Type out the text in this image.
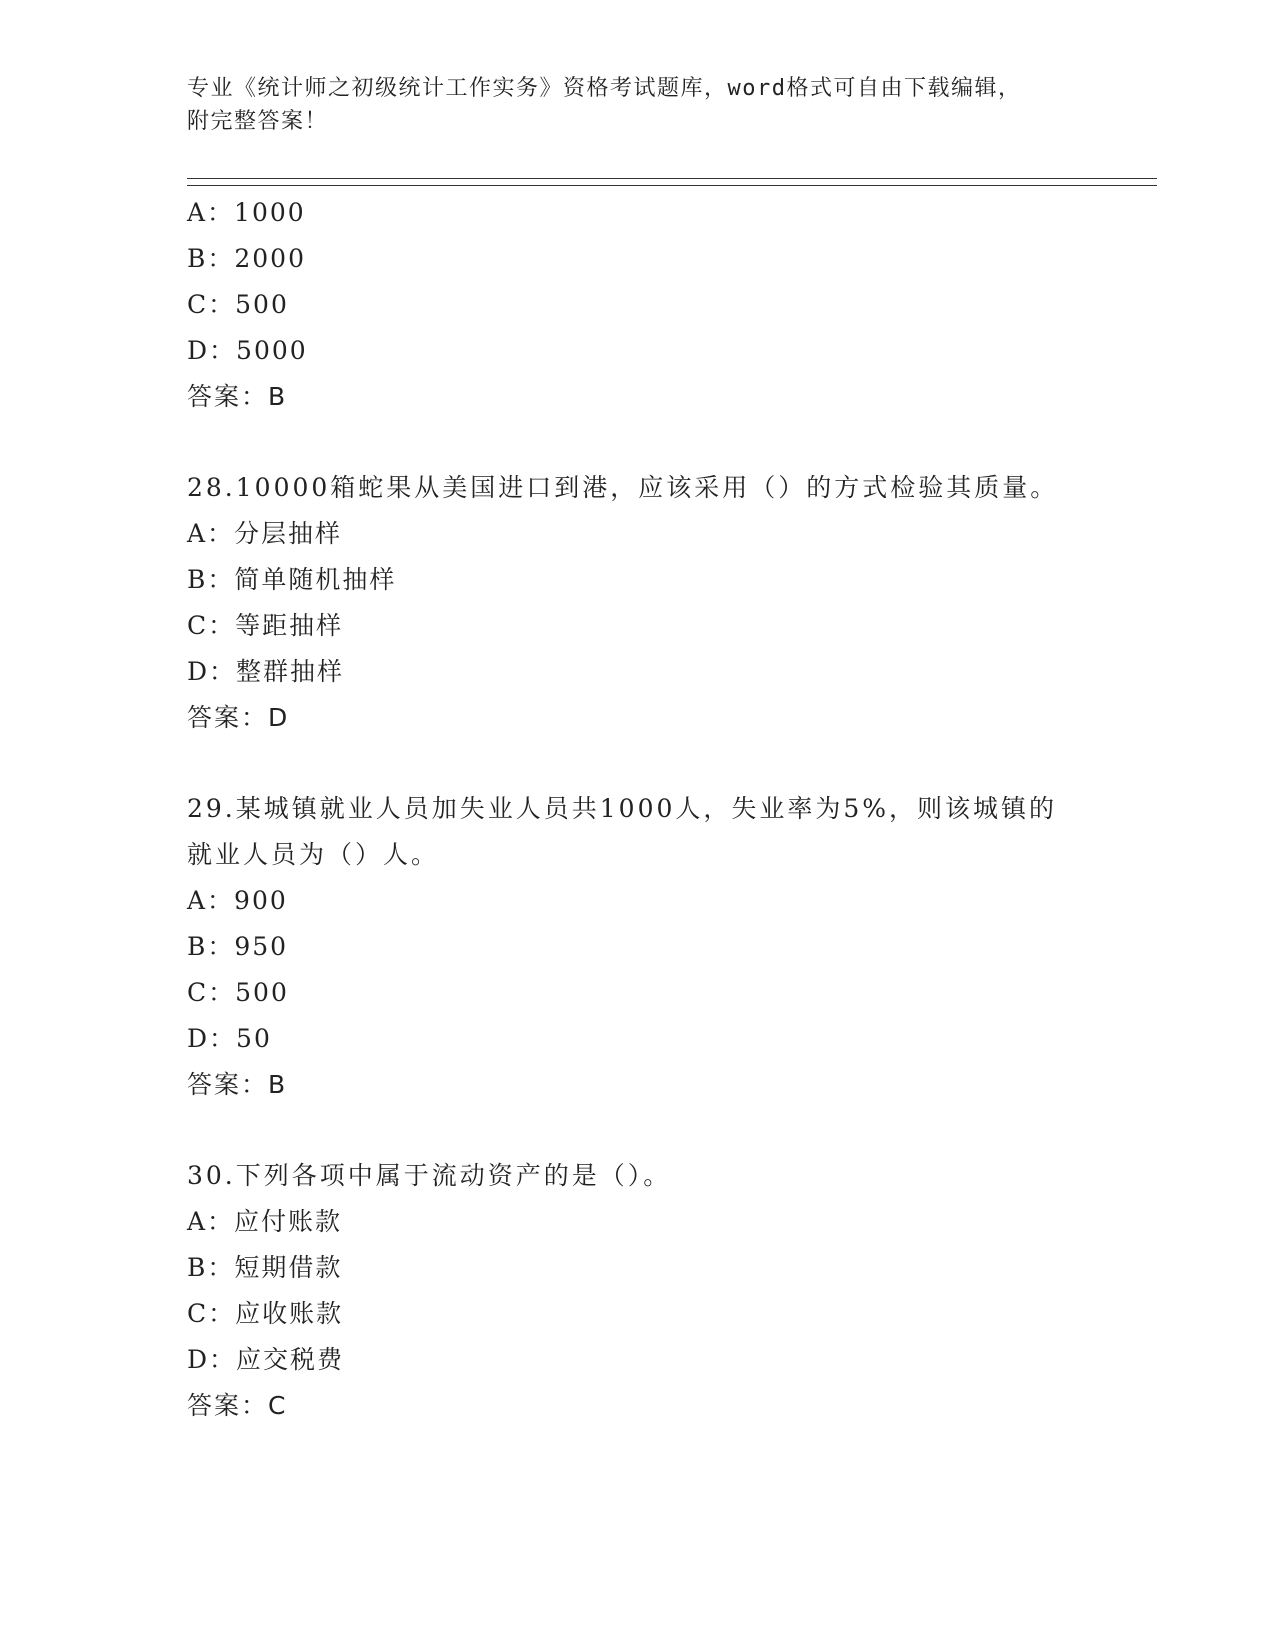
专业《统计师之初级统计工作实务》资格考试题库，word格式可自由下载编辑，
附完整答案！
A：1000
B：2000
C：500
D：5000
答案：B
28.10000箱蛇果从美国进口到港，应该采用（）的方式检验其质量。
A：分层抽样
B：简单随机抽样
C：等距抽样
D：整群抽样
答案：D
29.某城镇就业人员加失业人员共1000人，失业率为5%，则该城镇的
就业人员为（）人。
A：900
B：950
C：500
D：50
答案：B
30.下列各项中属于流动资产的是（）。
A：应付账款
B：短期借款
C：应收账款
D：应交税费
答案：C
